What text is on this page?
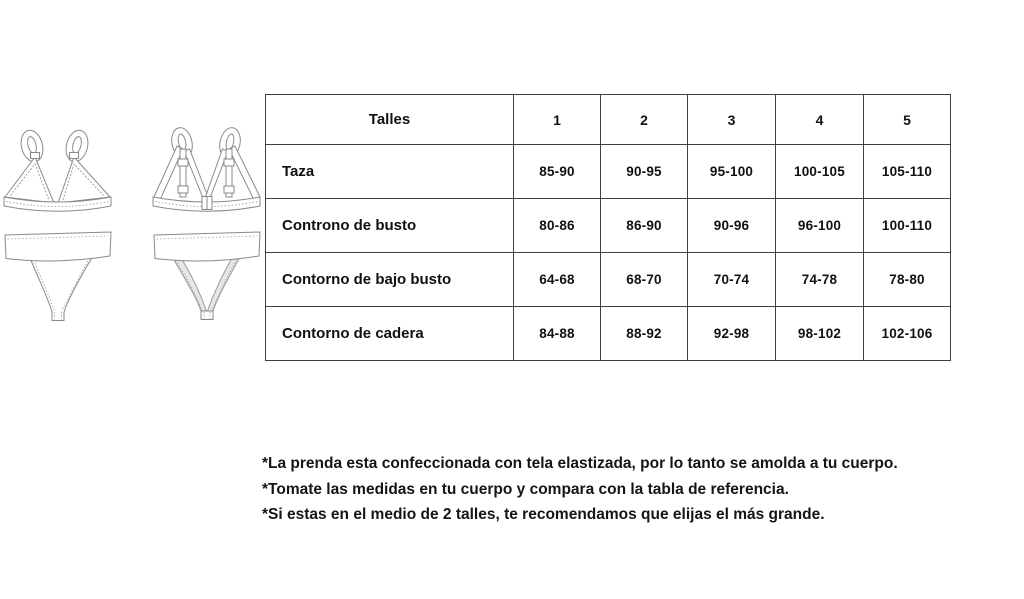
Talles	1	2	3	4	5
Taza	85-90	90-95	95-100	100-105	105-110
Controno de busto	80-86	86-90	90-96	96-100	100-110
Contorno de bajo busto	64-68	68-70	70-74	74-78	78-80
Contorno de cadera	84-88	88-92	92-98	98-102	102-106

*La prenda esta confeccionada con tela elastizada, por lo tanto se amolda a tu cuerpo.

*Tomate las medidas en tu cuerpo y compara con la tabla de referencia.

*Si estas en el medio de 2 talles, te recomendamos que elijas el más grande.
